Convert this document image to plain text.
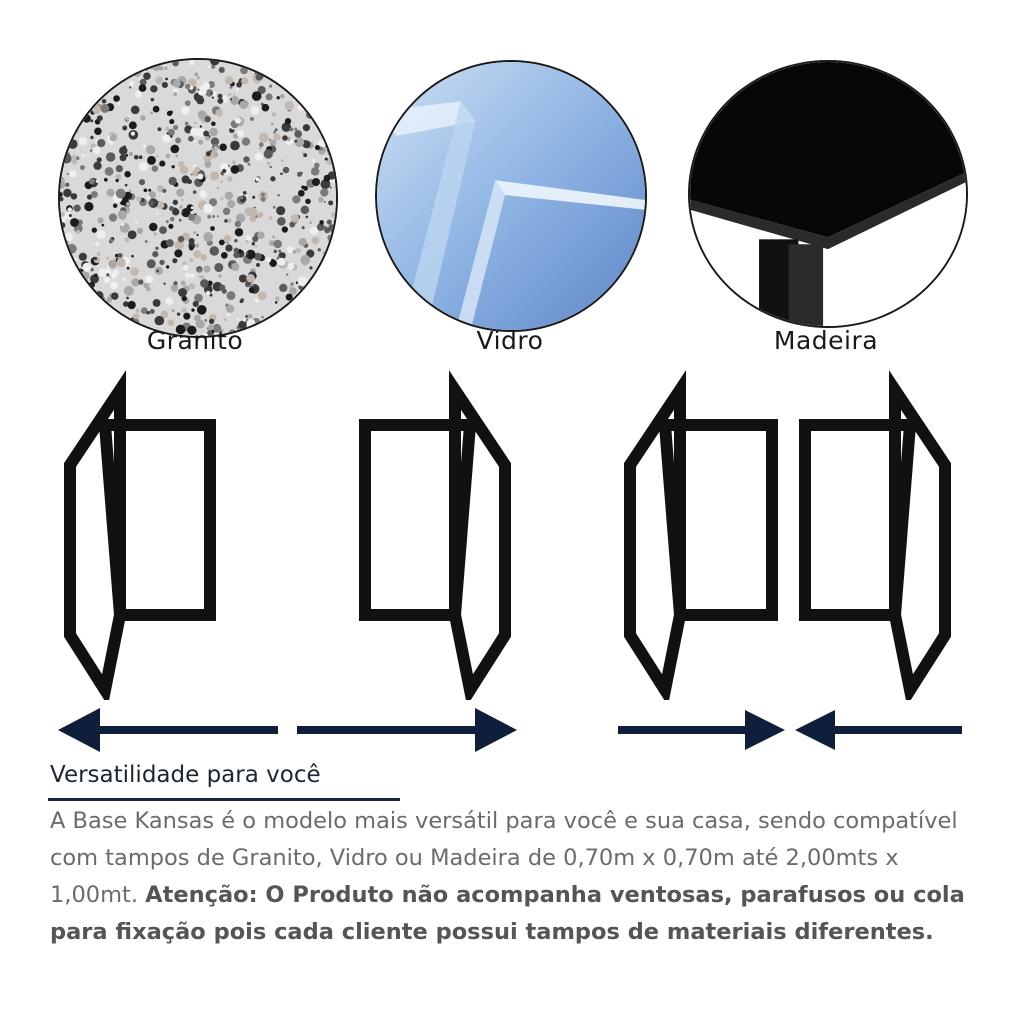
Granito	Vidro	Madeira
Versatilidade para você
A Base Kansas é o modelo mais versátil para você e sua casa, sendo compatível com tampos de Granito, Vidro ou Madeira de 0,70m x 0,70m até 2,00mts x 1,00mt. Atenção: O Produto não acompanha ventosas, parafusos ou cola para fixação pois cada cliente possui tampos de materiais diferentes.
